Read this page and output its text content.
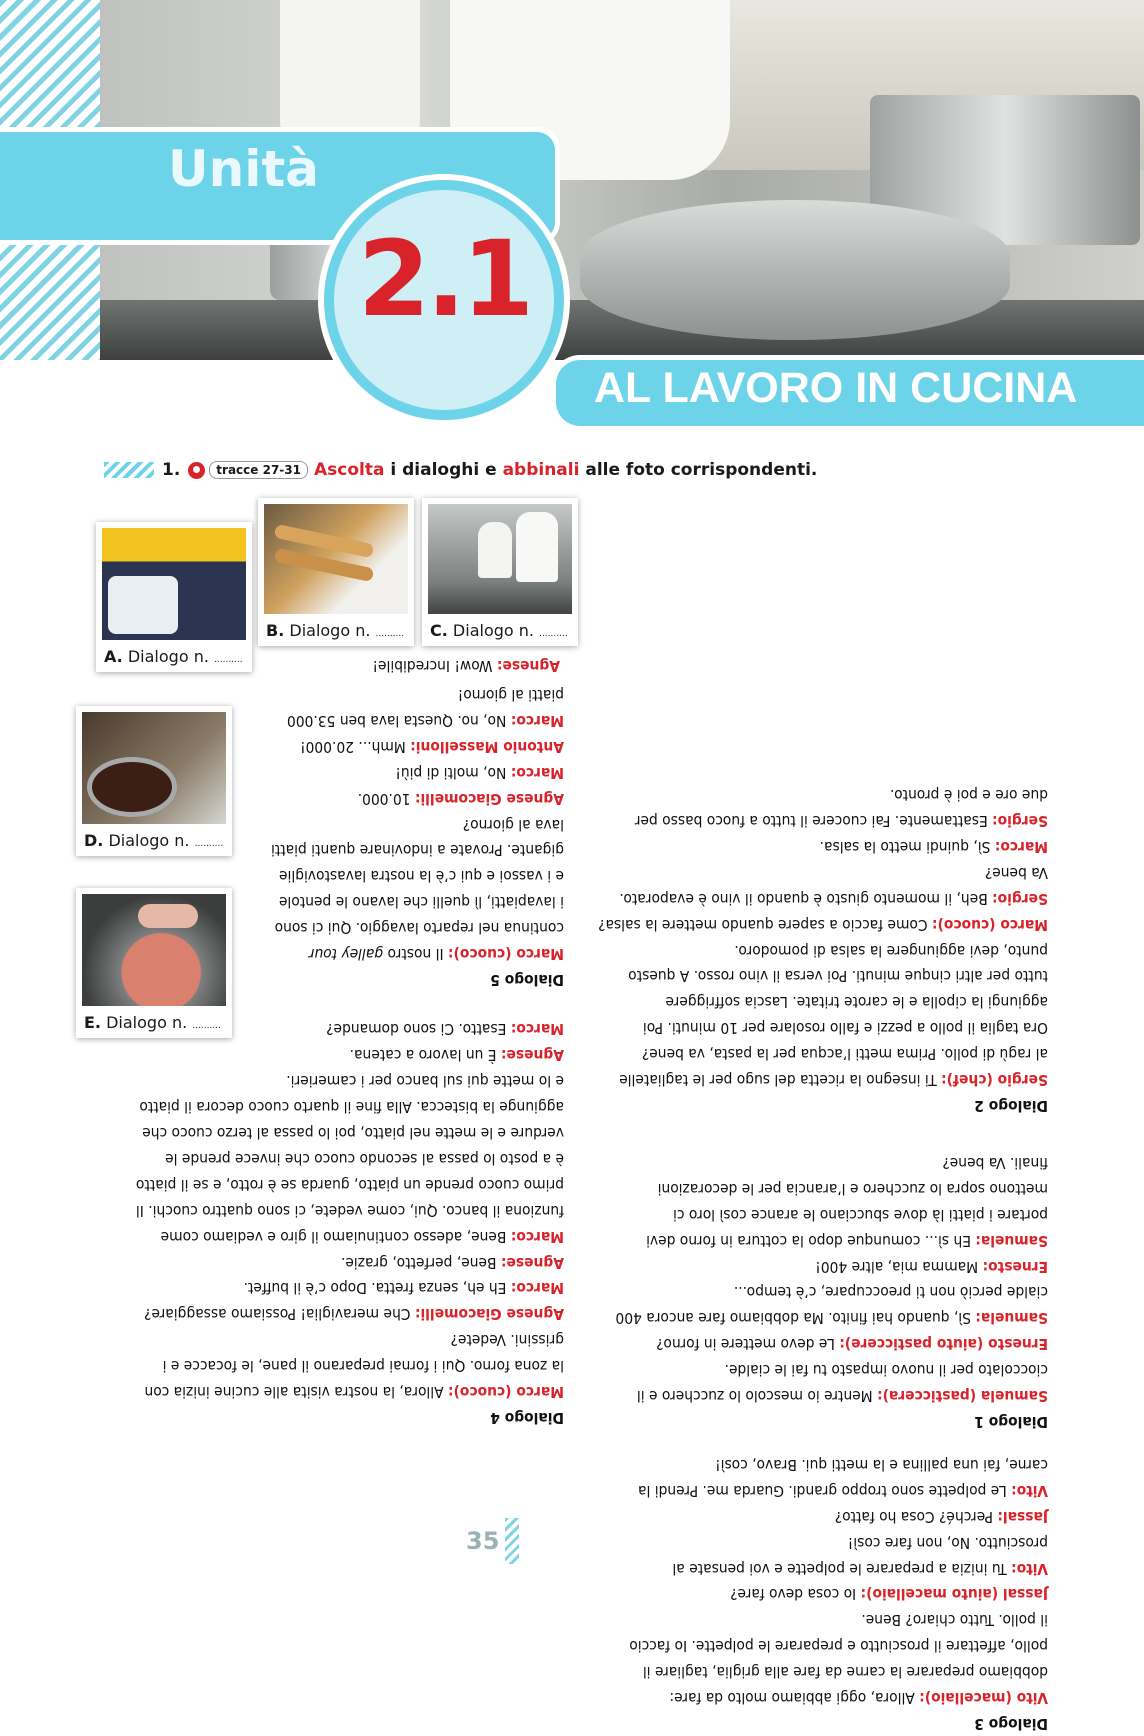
Unità
2.1
AL LAVORO IN CUCINA
1.	tracce 27-31 Ascolta i dialoghi e abbinali alle foto corrispondenti.
A. Dialogo n. ..........
B. Dialogo n. .......... C. Dialogo n. ..........
D. Dialogo n. ..........
E. Dialogo n. ..........

Dialogo 3

Vito (macellaio): Allora, oggi abbiamo molto da fare:

dobbiamo preparare la carne da fare alla griglia, tagliare il

pollo, affettare il prosciutto e preparare le polpette. Io faccio

il pollo. Tutto chiaro? Bene.

Jassal (aiuto macellaio): Io cosa devo fare?

Vito: Tu inizia a preparare le polpette e voi pensate al

prosciutto. No, non fare così!

Jassal: Perché? Cosa ho fatto?

Vito: Le polpette sono troppo grandi. Guarda me. Prendi la

carne, fai una pallina e la metti qui. Bravo, così!

Dialogo 2

Sergio (chef): Ti insegno la ricetta del sugo per le tagliatelle

al ragù di pollo. Prima metti l’acqua per la pasta, va bene?

Ora taglia il pollo a pezzi e fallo rosolare per 10 minuti. Poi

aggiungi la cipolla e le carote tritate. Lascia soffriggere

tutto per altri cinque minuti. Poi versa il vino rosso. A questo

punto, devi aggiungere la salsa di pomodoro.

Marco (cuoco): Come faccio a sapere quando mettere la salsa?

Sergio: Beh, il momento giusto è quando il vino è evaporato.

Va bene?

Marco: Sì, quindi metto la salsa.

Sergio: Esattamente. Fai cuocere il tutto a fuoco basso per

due ore e poi è pronto.

Dialogo 1

Samuela (pasticcera): Mentre io mescolo lo zucchero e il

cioccolato per il nuovo impasto tu fai le cialde.

Ernesto (aiuto pasticcere): Le devo mettere in forno?

Samuela: Sì, quando hai finito. Ma dobbiamo fare ancora 400

cialde perciò non ti preoccupare, c’è tempo...

Ernesto: Mamma mia, altre 400!

Samuela: Eh sì... comunque dopo la cottura in forno devi

portare i piatti là dove sbucciano le arance così loro ci

mettono sopra lo zucchero e l’arancia per le decorazioni

finali. Va bene?

Agnese: Wow! Incredibile!

Dialogo 5

Marco (cuoco): Il nostro galley tour

continua nel reparto lavaggio. Qui ci sono

i lavapiatti, lì quelli che lavano le pentole

e i vassoi e qui c’è la nostra lavastoviglie

gigante. Provate a indovinare quanti piatti

lava al giorno?

Agnese Giacomelli: 10.000.

Marco: No, molti di più!

Antonio Masselloni: Mmh... 20.000!

Marco: No, no. Questa lava ben 53.000

piatti al giorno!

Dialogo 4

Marco (cuoco): Allora, la nostra visita alle cucine inizia con

la zona forno. Qui i fornai preparano il pane, le focacce e i

grissini. Vedete?

Agnese Giacomelli: Che meraviglia! Possiamo assaggiare?

Marco: Eh eh, senza fretta. Dopo c’è il buffet.

Agnese: Bene, perfetto, grazie.

Marco: Bene, adesso continuiamo il giro e vediamo come

funziona il banco. Qui, come vedete, ci sono quattro cuochi. Il

primo cuoco prende un piatto, guarda se è rotto, e se il piatto

è a posto lo passa al secondo cuoco che invece prende le

verdure e le mette nel piatto, poi lo passa al terzo cuoco che

aggiunge la bistecca. Alla fine il quarto cuoco decora il piatto

e lo mette qui sul banco per i camerieri.

Agnese: È un lavoro a catena.

Marco: Esatto. Ci sono domande?

35
